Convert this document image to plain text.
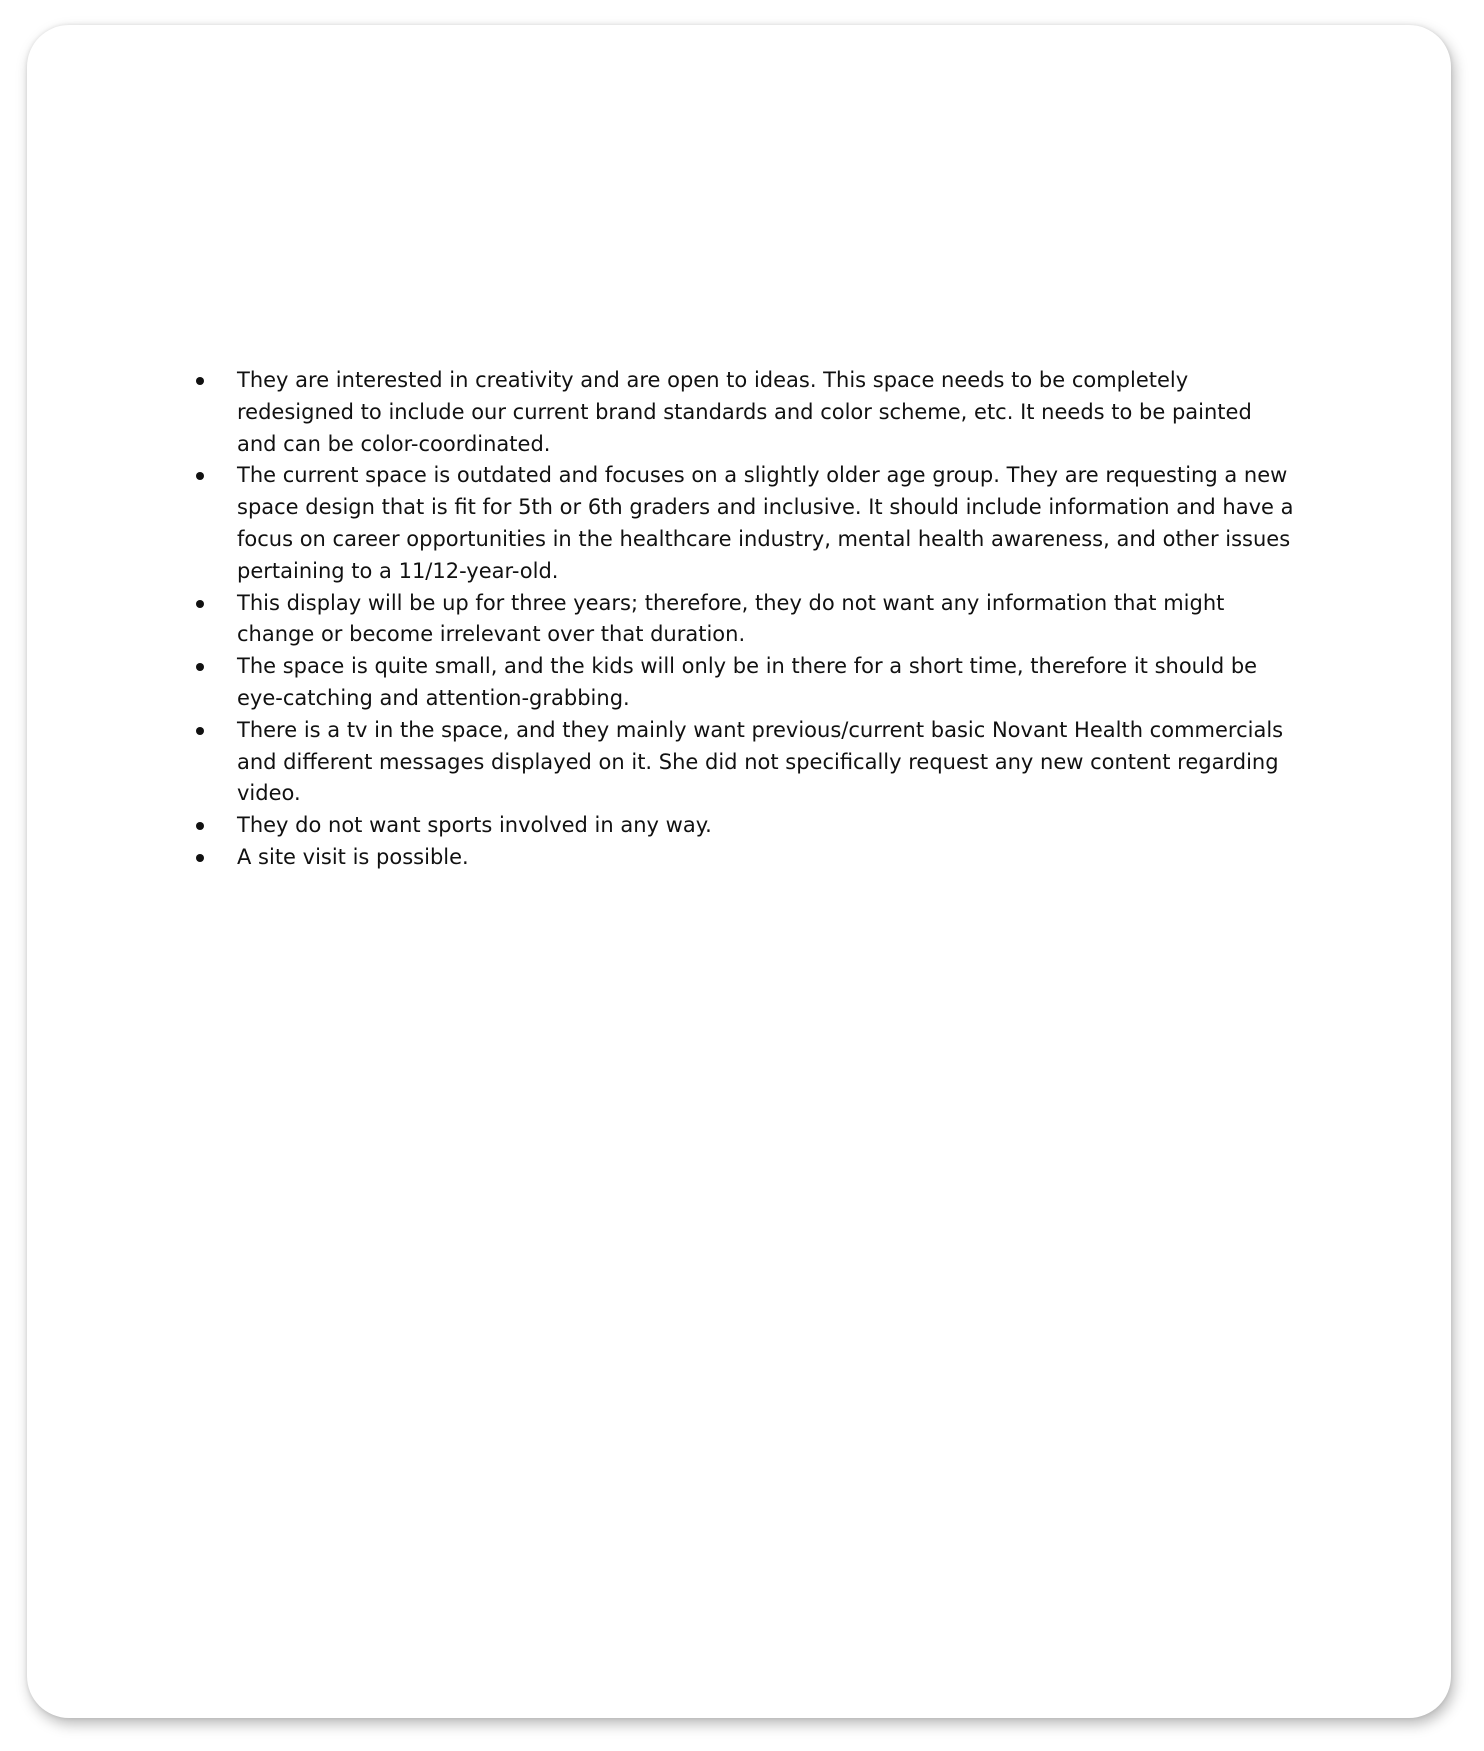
They are interested in creativity and are open to ideas. This space needs to be completely redesigned to include our current brand standards and color scheme, etc. It needs to be painted and can be color-coordinated.
The current space is outdated and focuses on a slightly older age group. They are requesting a new space design that is fit for 5th or 6th graders and inclusive. It should include information and have a focus on career opportunities in the healthcare industry, mental health awareness, and other issues pertaining to a 11/12-year-old.
This display will be up for three years; therefore, they do not want any information that might change or become irrelevant over that duration.
The space is quite small, and the kids will only be in there for a short time, therefore it should be eye-catching and attention-grabbing.
There is a tv in the space, and they mainly want previous/current basic Novant Health commercials and different messages displayed on it. She did not specifically request any new content regarding video.
They do not want sports involved in any way.
A site visit is possible.
